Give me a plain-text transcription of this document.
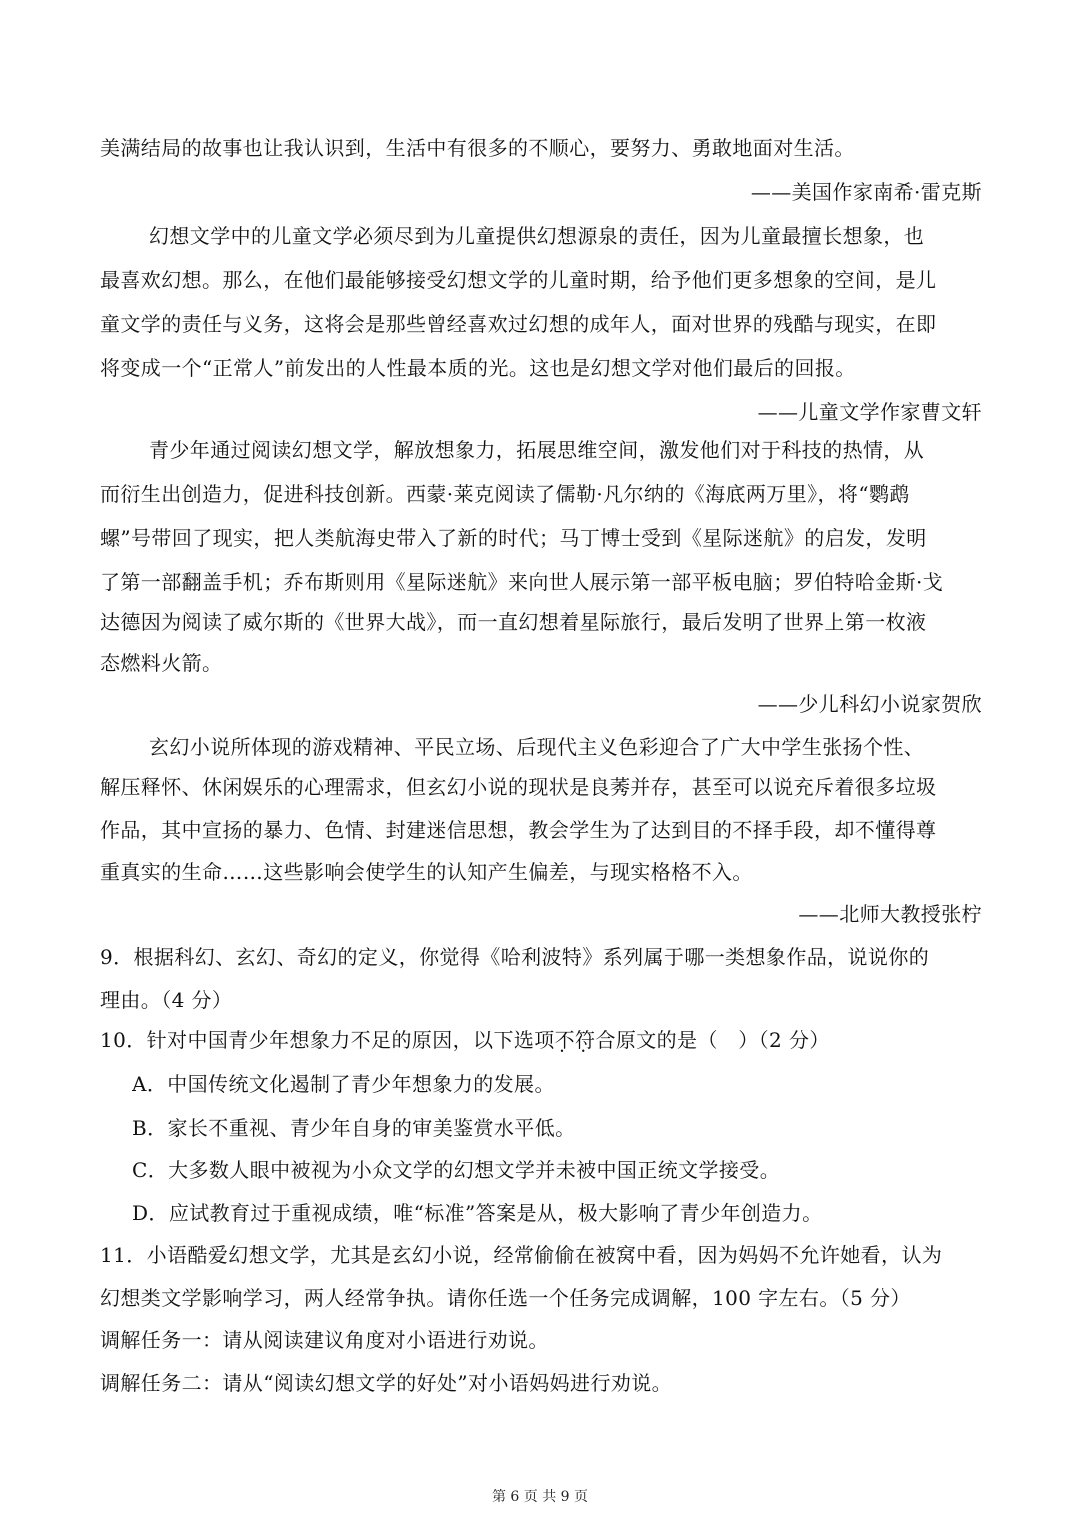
美满结局的故事也让我认识到，生活中有很多的不顺心，要努力、勇敢地面对生活。
——美国作家南希·雷克斯
幻想文学中的儿童文学必须尽到为儿童提供幻想源泉的责任，因为儿童最擅长想象，也
最喜欢幻想。那么，在他们最能够接受幻想文学的儿童时期，给予他们更多想象的空间，是儿
童文学的责任与义务，这将会是那些曾经喜欢过幻想的成年人，面对世界的残酷与现实，在即
将变成一个“正常人”前发出的人性最本质的光。这也是幻想文学对他们最后的回报。
——儿童文学作家曹文轩
青少年通过阅读幻想文学，解放想象力，拓展思维空间，激发他们对于科技的热情，从
而衍生出创造力，促进科技创新。西蒙·莱克阅读了儒勒·凡尔纳的《海底两万里》，将“鹦鹉
螺”号带回了现实，把人类航海史带入了新的时代；马丁博士受到《星际迷航》的启发，发明
了第一部翻盖手机；乔布斯则用《星际迷航》来向世人展示第一部平板电脑；罗伯特哈金斯·戈
达德因为阅读了威尔斯的《世界大战》，而一直幻想着星际旅行，最后发明了世界上第一枚液
态燃料火箭。
——少儿科幻小说家贺欣
玄幻小说所体现的游戏精神、平民立场、后现代主义色彩迎合了广大中学生张扬个性、
解压释怀、休闲娱乐的心理需求，但玄幻小说的现状是良莠并存，甚至可以说充斥着很多垃圾
作品，其中宣扬的暴力、色情、封建迷信思想，教会学生为了达到目的不择手段，却不懂得尊
重真实的生命……这些影响会使学生的认知产生偏差，与现实格格不入。
——北师大教授张柠
9．根据科幻、玄幻、奇幻的定义，你觉得《哈利波特》系列属于哪一类想象作品，说说你的
理由。（4 分）
10．针对中国青少年想象力不足的原因，以下选项不符合 • •原文的是（　）（2 分）
A．中国传统文化遏制了青少年想象力的发展。
B．家长不重视、青少年自身的审美鉴赏水平低。
C．大多数人眼中被视为小众文学的幻想文学并未被中国正统文学接受。
D．应试教育过于重视成绩，唯“标准”答案是从，极大影响了青少年创造力。
11．小语酷爱幻想文学，尤其是玄幻小说，经常偷偷在被窝中看，因为妈妈不允许她看，认为
幻想类文学影响学习，两人经常争执。请你任选一个任务完成调解，100 字左右。（5 分）
调解任务一：请从阅读建议角度对小语进行劝说。
调解任务二：请从“阅读幻想文学的好处”对小语妈妈进行劝说。
第 6 页 共 9 页
